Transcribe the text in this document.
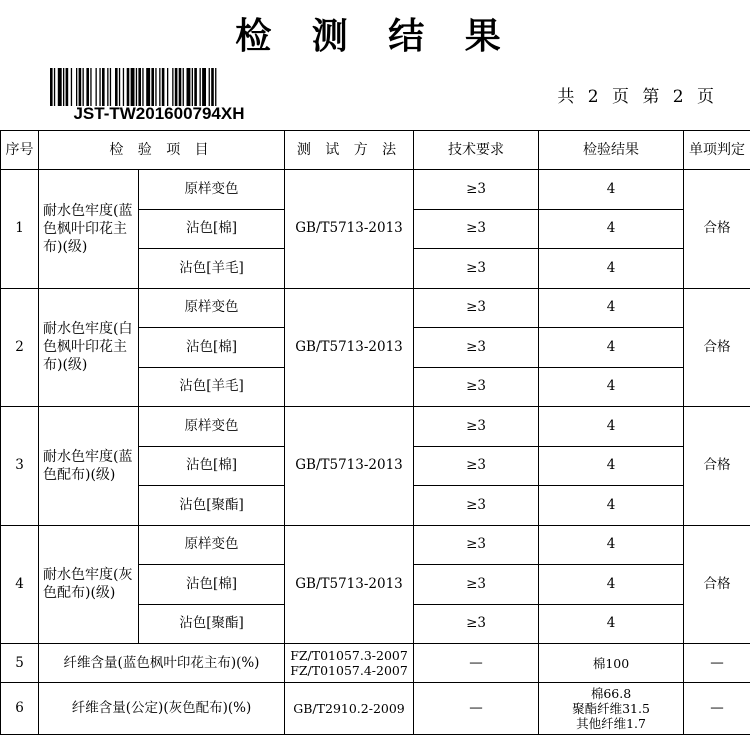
检 测 结 果
JST-TW201600794XH
共 2 页 第 2 页
序号	检 验 项 目		测 试 方 法	技术要求	检验结果	单项判定
1	耐水色牢度(蓝色枫叶印花主布)(级)	原样变色	GB/T5713-2013	≥3	4	合格
		沾色[棉]		≥3	4	
		沾色[羊毛]		≥3	4	
2	耐水色牢度(白色枫叶印花主布)(级)	原样变色	GB/T5713-2013	≥3	4	合格
		沾色[棉]		≥3	4	
		沾色[羊毛]		≥3	4	
3	耐水色牢度(蓝色配布)(级)	原样变色	GB/T5713-2013	≥3	4	合格
		沾色[棉]		≥3	4	
		沾色[聚酯]		≥3	4	
4	耐水色牢度(灰色配布)(级)	原样变色	GB/T5713-2013	≥3	4	合格
		沾色[棉]		≥3	4	
		沾色[聚酯]		≥3	4	
5	纤维含量(蓝色枫叶印花主布)(%)		FZ/T01057.3-2007
FZ/T01057.4-2007	—	棉100	—
6	纤维含量(公定)(灰色配布)(%)		GB/T2910.2-2009	—	棉66.8
聚酯纤维31.5
其他纤维1.7	—
